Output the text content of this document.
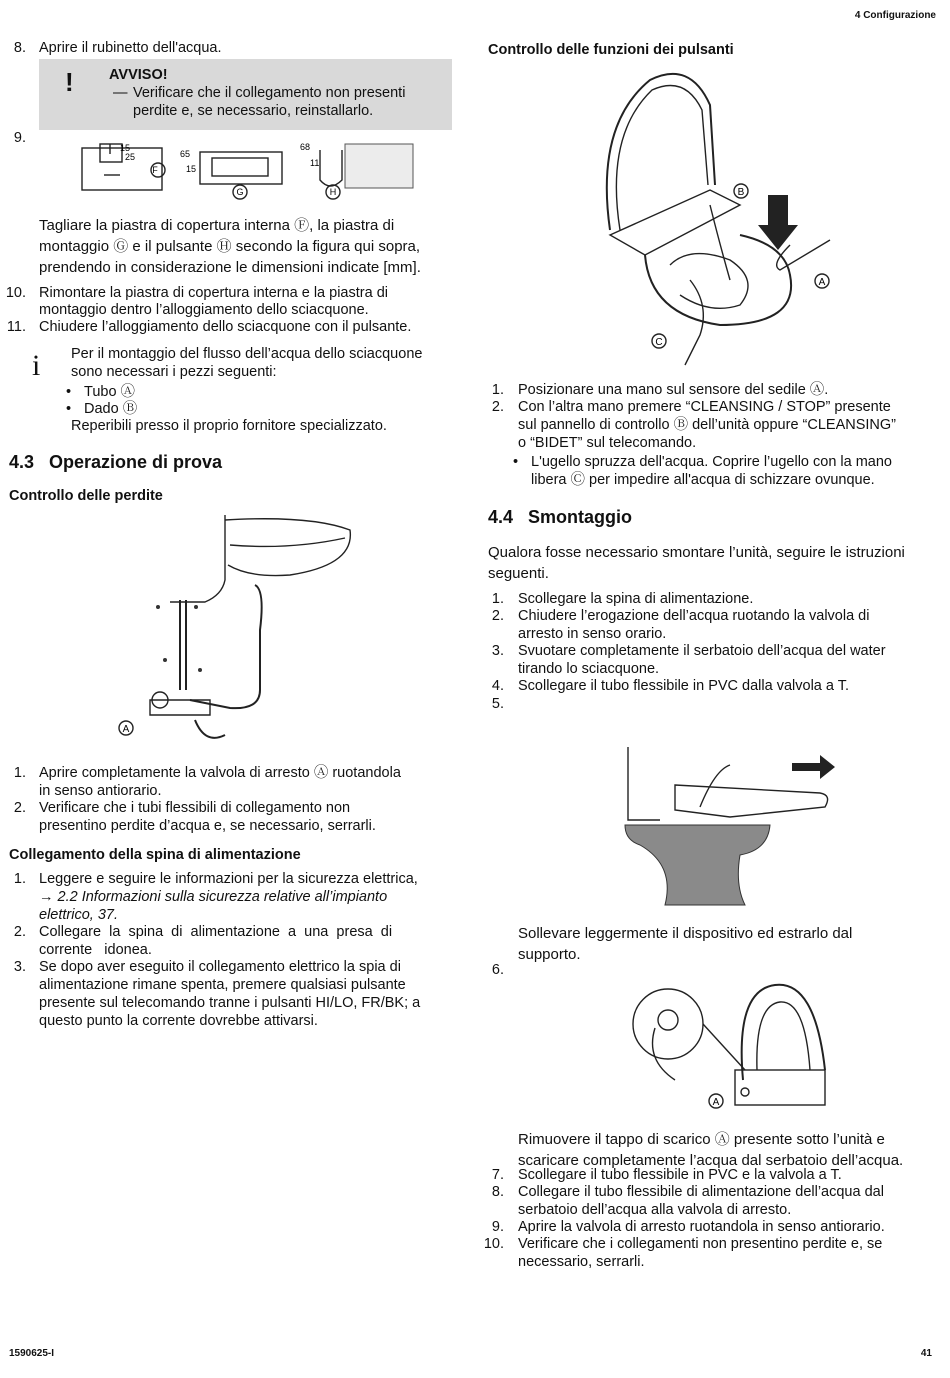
4 Configurazione
8. Aprire il rubinetto dell'acqua.
! AVVISO!
— Verificare che il collegamento non presenti
perdite e, se necessario, reinstallarlo.
9.
15
25
F
65
15
G
68
11
H
Tagliare la piastra di copertura interna Ⓕ, la piastra di
montaggio Ⓖ e il pulsante Ⓗ secondo la figura qui sopra,
prendendo in considerazione le dimensioni indicate [mm].
10. Rimontare la piastra di copertura interna e la piastra di
montaggio dentro l’alloggiamento dello sciacquone.
11. Chiudere l’alloggiamento dello sciacquone con il pulsante.
i Per il montaggio del flusso dell’acqua dello sciacquone
sono necessari i pezzi seguenti:
• Tubo Ⓐ
• Dado Ⓑ
Reperibili presso il proprio fornitore specializzato.
4.3   Operazione di prova
Controllo delle perdite
A
1. Aprire completamente la valvola di arresto Ⓐ ruotandola
in senso antiorario.
2. Verificare che i tubi flessibili di collegamento non
presentino perdite d’acqua e, se necessario, serrarli.
Collegamento della spina di alimentazione
1. Leggere e seguire le informazioni per la sicurezza elettrica,
→ 2.2 Informazioni sulla sicurezza relative all’impianto
elettrico, 37.
2. Collegare  la  spina  di  alimentazione  a  una  presa  di
corrente   idonea.
3. Se dopo aver eseguito il collegamento elettrico la spia di
alimentazione rimane spenta, premere qualsiasi pulsante
presente sul telecomando tranne i pulsanti HI/LO, FR/BK; a
questo punto la corrente dovrebbe attivarsi.
Controllo delle funzioni dei pulsanti
B
A
C
1. Posizionare una mano sul sensore del sedile Ⓐ.
2. Con l’altra mano premere “CLEANSING / STOP” presente
sul pannello di controllo Ⓑ dell’unità oppure “CLEANSING”
o “BIDET” sul telecomando.
• L'ugello spruzza dell'acqua. Coprire l’ugello con la mano
libera Ⓒ per impedire all'acqua di schizzare ovunque.
4.4   Smontaggio
Qualora fosse necessario smontare l’unità, seguire le istruzioni
seguenti.
1. Scollegare la spina di alimentazione.
2. Chiudere l’erogazione dell’acqua ruotando la valvola di
arresto in senso orario.
3. Svuotare completamente il serbatoio dell’acqua del water
tirando lo sciacquone.
4. Scollegare il tubo flessibile in PVC dalla valvola a T.
5.
Sollevare leggermente il dispositivo ed estrarlo dal
supporto.
6.
A
Rimuovere il tappo di scarico Ⓐ presente sotto l’unità e
scaricare completamente l’acqua dal serbatoio dell’acqua.
7. Scollegare il tubo flessibile in PVC e la valvola a T.
8. Collegare il tubo flessibile di alimentazione dell’acqua dal
serbatoio dell’acqua alla valvola di arresto.
9. Aprire la valvola di arresto ruotandola in senso antiorario.
10. Verificare che i collegamenti non presentino perdite e, se
necessario, serrarli.
1590625-I	41
